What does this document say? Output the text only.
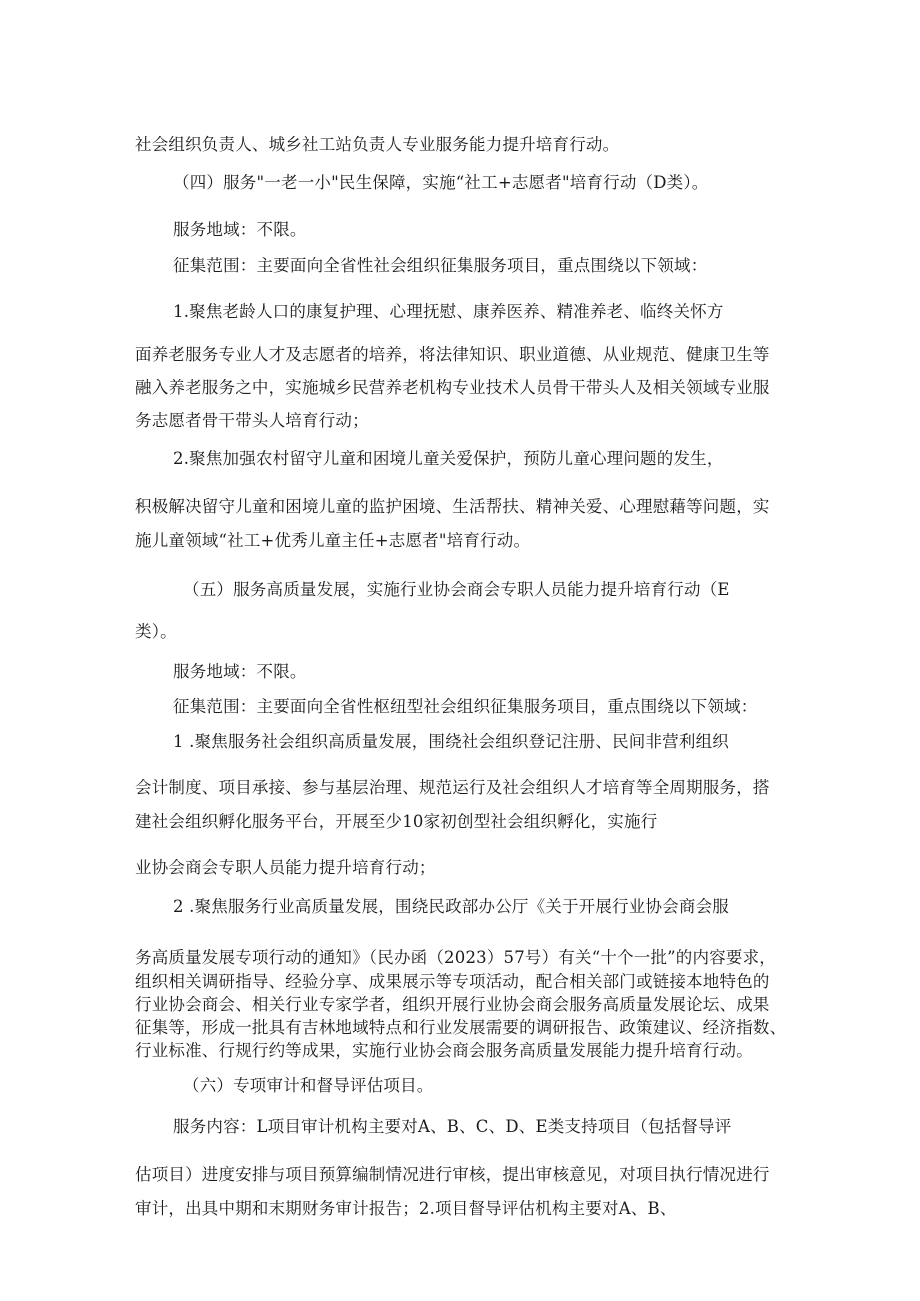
社会组织负责人、城乡社工站负责人专业服务能力提升培育行动。

（四）服务"一老一小"民生保障，实施“社工+志愿者"培育行动（D类）。

服务地域：不限。

征集范围：主要面向全省性社会组织征集服务项目，重点围绕以下领域：

1.聚焦老龄人口的康复护理、心理抚慰、康养医养、精准养老、临终关怀方

面养老服务专业人才及志愿者的培养，将法律知识、职业道德、从业规范、健康卫生等

融入养老服务之中，实施城乡民营养老机构专业技术人员骨干带头人及相关领域专业服

务志愿者骨干带头人培育行动；

2.聚焦加强农村留守儿童和困境儿童关爱保护，预防儿童心理问题的发生，

积极解决留守儿童和困境儿童的监护困境、生活帮扶、精神关爱、心理慰藉等问题，实

施儿童领域“社工+优秀儿童主任+志愿者"培育行动。

（五）服务高质量发展，实施行业协会商会专职人员能力提升培育行动（E

类）。

服务地域：不限。

征集范围：主要面向全省性枢纽型社会组织征集服务项目，重点围绕以下领域：

1 .聚焦服务社会组织高质量发展，围绕社会组织登记注册、民间非营利组织

会计制度、项目承接、参与基层治理、规范运行及社会组织人才培育等全周期服务，搭

建社会组织孵化服务平台，开展至少10家初创型社会组织孵化，实施行

业协会商会专职人员能力提升培育行动；

2 .聚焦服务行业高质量发展，围绕民政部办公厅《关于开展行业协会商会服

务高质量发展专项行动的通知》（民办函（2023）57号）有关“十个一批”的内容要求，

组织相关调研指导、经验分享、成果展示等专项活动，配合相关部门或链接本地特色的

行业协会商会、相关行业专家学者，组织开展行业协会商会服务高质量发展论坛、成果

征集等，形成一批具有吉林地域特点和行业发展需要的调研报告、政策建议、经济指数、

行业标准、行规行约等成果，实施行业协会商会服务高质量发展能力提升培育行动。

（六）专项审计和督导评估项目。

服务内容：L项目审计机构主要对A、B、C、D、E类支持项目（包括督导评

估项目）进度安排与项目预算编制情况进行审核，提出审核意见，对项目执行情况进行

审计，出具中期和末期财务审计报告；2.项目督导评估机构主要对A、B、
